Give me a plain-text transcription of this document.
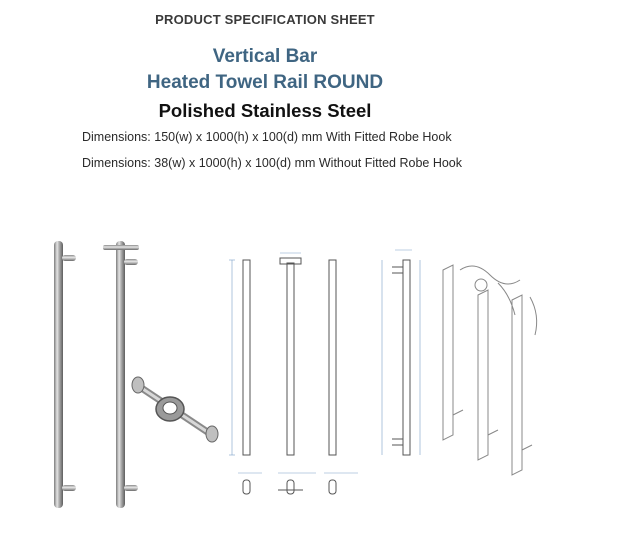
PRODUCT SPECIFICATION SHEET
Vertical Bar
Heated Towel Rail ROUND
Polished Stainless Steel
Dimensions: 150(w) x 1000(h) x 100(d) mm With Fitted Robe Hook
Dimensions: 38(w) x 1000(h) x 100(d) mm Without Fitted Robe Hook
